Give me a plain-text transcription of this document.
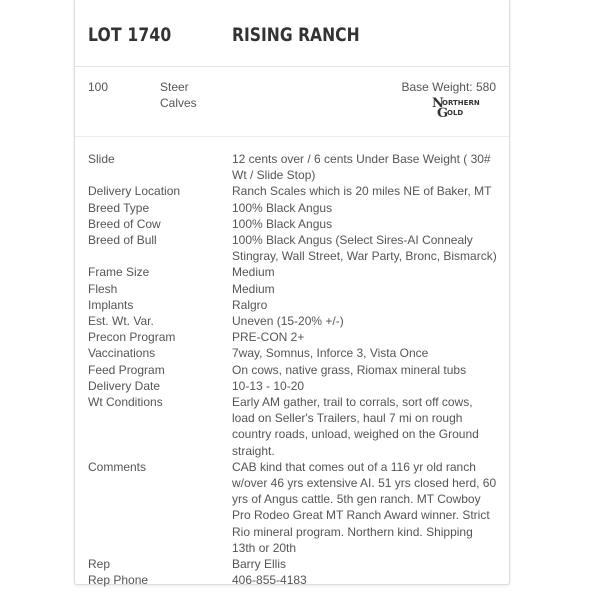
LOT 1740	RISING RANCH
100	Steer Calves
Base Weight: 580
N
ORTHERN
G
OLD
Slide	12 cents over / 6 cents Under Base Weight ( 30# Wt / Slide Stop)
Delivery Location	Ranch Scales which is 20 miles NE of Baker, MT
Breed Type	100% Black Angus
Breed of Cow	100% Black Angus
Breed of Bull	100% Black Angus (Select Sires-AI Connealy Stingray, Wall Street, War Party, Bronc, Bismarck)
Frame Size	Medium
Flesh	Medium
Implants	Ralgro
Est. Wt. Var.	Uneven (15-20% +/-)
Precon Program	PRE-CON 2+
Vaccinations	7way, Somnus, Inforce 3, Vista Once
Feed Program	On cows, native grass, Riomax mineral tubs
Delivery Date	10-13 - 10-20
Wt Conditions	Early AM gather, trail to corrals, sort off cows, load on Seller's Trailers, haul 7 mi on rough country roads, unload, weighed on the Ground straight.
Comments	CAB kind that comes out of a 116 yr old ranch w/over 46 yrs extensive AI. 51 yrs closed herd, 60 yrs of Angus cattle. 5th gen ranch. MT Cowboy Pro Rodeo Great MT Ranch Award winner. Strict Rio mineral program. Northern kind. Shipping 13th or 20th
Rep	Barry Ellis
Rep Phone	406-855-4183
